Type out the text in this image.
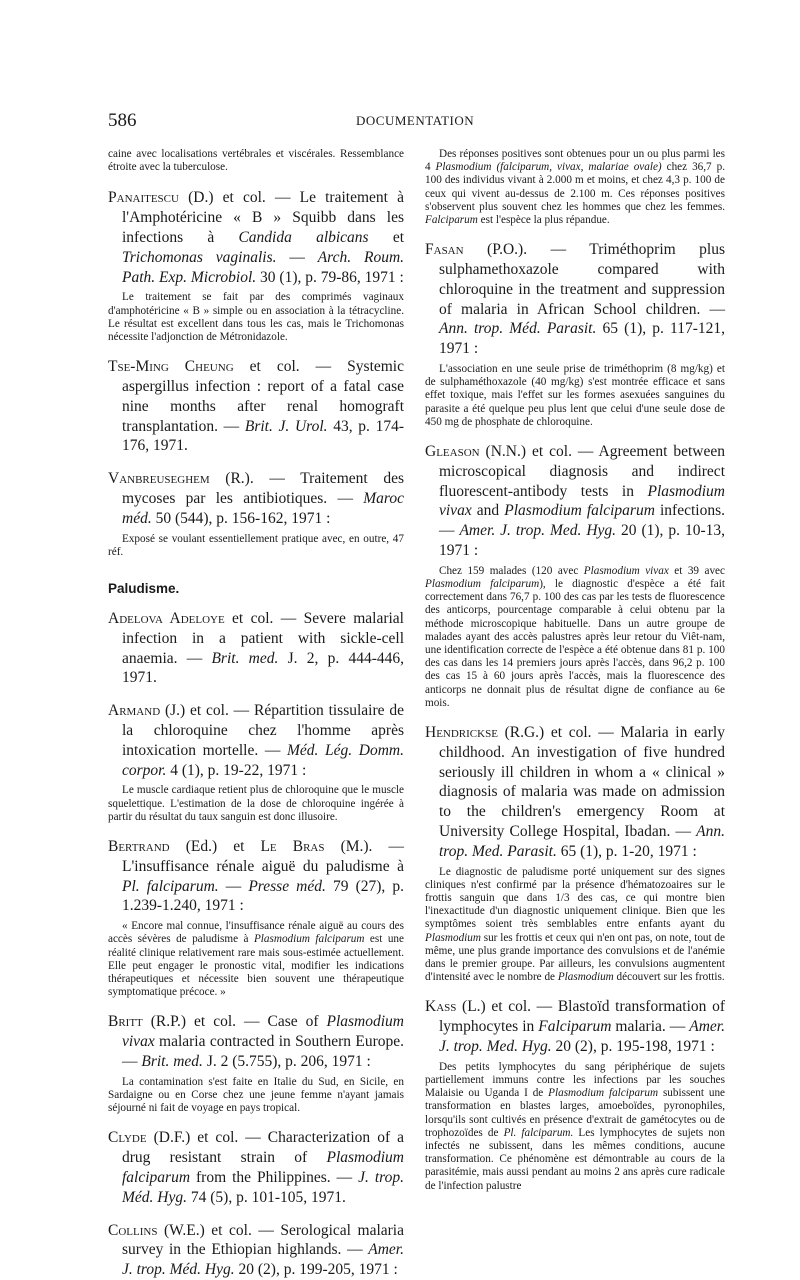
586	DOCUMENTATION

caine avec localisations vertébrales et viscérales. Ressemblance étroite avec la tuberculose.

Panaitescu (D.) et col. — Le traitement à l'Amphotéricine « B » Squibb dans les infections à Candida albicans et Trichomonas vaginalis. — Arch. Roum. Path. Exp. Microbiol. 30 (1), p. 79-86, 1971 :

Le traitement se fait par des comprimés vaginaux d'amphotéricine « B » simple ou en association à la tétracycline. Le résultat est excellent dans tous les cas, mais le Trichomonas nécessite l'adjonction de Métronidazole.

Tse-Ming Cheung et col. — Systemic aspergillus infection : report of a fatal case nine months after renal homograft transplantation. — Brit. J. Urol. 43, p. 174-176, 1971.

Vanbreuseghem (R.). — Traitement des mycoses par les antibiotiques. — Maroc méd. 50 (544), p. 156-162, 1971 :

Exposé se voulant essentiellement pratique avec, en outre, 47 réf.

Paludisme.

Adelova Adeloye et col. — Severe malarial infection in a patient with sickle-cell anaemia. — Brit. med. J. 2, p. 444-446, 1971.

Armand (J.) et col. — Répartition tissulaire de la chloroquine chez l'homme après intoxication mortelle. — Méd. Lég. Domm. corpor. 4 (1), p. 19-22, 1971 :

Le muscle cardiaque retient plus de chloroquine que le muscle squelettique. L'estimation de la dose de chloroquine ingérée à partir du résultat du taux sanguin est donc illusoire.

Bertrand (Ed.) et Le Bras (M.). — L'insuffisance rénale aiguë du paludisme à Pl. falciparum. — Presse méd. 79 (27), p. 1.239-1.240, 1971 :

« Encore mal connue, l'insuffisance rénale aiguë au cours des accès sévères de paludisme à Plasmodium falciparum est une réalité clinique relativement rare mais sous-estimée actuellement. Elle peut engager le pronostic vital, modifier les indications thérapeutiques et nécessite bien souvent une thérapeutique symptomatique précoce. »

Britt (R.P.) et col. — Case of Plasmodium vivax malaria contracted in Southern Europe. — Brit. med. J. 2 (5.755), p. 206, 1971 :

La contamination s'est faite en Italie du Sud, en Sicile, en Sardaigne ou en Corse chez une jeune femme n'ayant jamais séjourné ni fait de voyage en pays tropical.

Clyde (D.F.) et col. — Characterization of a drug resistant strain of Plasmodium falciparum from the Philippines. — J. trop. Méd. Hyg. 74 (5), p. 101-105, 1971.

Collins (W.E.) et col. — Serological malaria survey in the Ethiopian highlands. — Amer. J. trop. Méd. Hyg. 20 (2), p. 199-205, 1971 :

Des réponses positives sont obtenues pour un ou plus parmi les 4 Plasmodium (falciparum, vivax, malariae ovale) chez 36,7 p. 100 des individus vivant à 2.000 m et moins, et chez 4,3 p. 100 de ceux qui vivent au-dessus de 2.100 m. Ces réponses positives s'observent plus souvent chez les hommes que chez les femmes. Falciparum est l'espèce la plus répandue.

Fasan (P.O.). — Triméthoprim plus sulphamethoxazole compared with chloroquine in the treatment and suppression of malaria in African School children. — Ann. trop. Méd. Parasit. 65 (1), p. 117-121, 1971 :

L'association en une seule prise de triméthoprim (8 mg/kg) et de sulphaméthoxazole (40 mg/kg) s'est montrée efficace et sans effet toxique, mais l'effet sur les formes asexuées sanguines du parasite a été quelque peu plus lent que celui d'une seule dose de 450 mg de phosphate de chloroquine.

Gleason (N.N.) et col. — Agreement between microscopical diagnosis and indirect fluorescent-antibody tests in Plasmodium vivax and Plasmodium falciparum infections. — Amer. J. trop. Med. Hyg. 20 (1), p. 10-13, 1971 :

Chez 159 malades (120 avec Plasmodium vivax et 39 avec Plasmodium falciparum), le diagnostic d'espèce a été fait correctement dans 76,7 p. 100 des cas par les tests de fluorescence des anticorps, pourcentage comparable à celui obtenu par la méthode microscopique habituelle. Dans un autre groupe de malades ayant des accès palustres après leur retour du Viêt-nam, une identification correcte de l'espèce a été obtenue dans 81 p. 100 des cas dans les 14 premiers jours après l'accès, dans 96,2 p. 100 des cas 15 à 60 jours après l'accès, mais la fluorescence des anticorps ne donnait plus de résultat digne de confiance au 6e mois.

Hendrickse (R.G.) et col. — Malaria in early childhood. An investigation of five hundred seriously ill children in whom a « clinical » diagnosis of malaria was made on admission to the children's emergency Room at University College Hospital, Ibadan. — Ann. trop. Med. Parasit. 65 (1), p. 1-20, 1971 :

Le diagnostic de paludisme porté uniquement sur des signes cliniques n'est confirmé par la présence d'hématozoaires sur le frottis sanguin que dans 1/3 des cas, ce qui montre bien l'inexactitude d'un diagnostic uniquement clinique. Bien que les symptômes soient très semblables entre enfants ayant du Plasmodium sur les frottis et ceux qui n'en ont pas, on note, tout de même, une plus grande importance des convulsions et de l'anémie dans le premier groupe. Par ailleurs, les convulsions augmentent d'intensité avec le nombre de Plasmodium découvert sur les frottis.

Kass (L.) et col. — Blastoïd transformation of lymphocytes in Falciparum malaria. — Amer. J. trop. Med. Hyg. 20 (2), p. 195-198, 1971 :

Des petits lymphocytes du sang périphérique de sujets partiellement immuns contre les infections par les souches Malaisie ou Uganda I de Plasmodium falciparum subissent une transformation en blastes larges, amoeboïdes, pyronophiles, lorsqu'ils sont cultivés en présence d'extrait de gamétocytes ou de trophozoïdes de Pl. falciparum. Les lymphocytes de sujets non infectés ne subissent, dans les mêmes conditions, aucune transformation. Ce phénomène est démontrable au cours de la parasitémie, mais aussi pendant au moins 2 ans après cure radicale de l'infection palustre
